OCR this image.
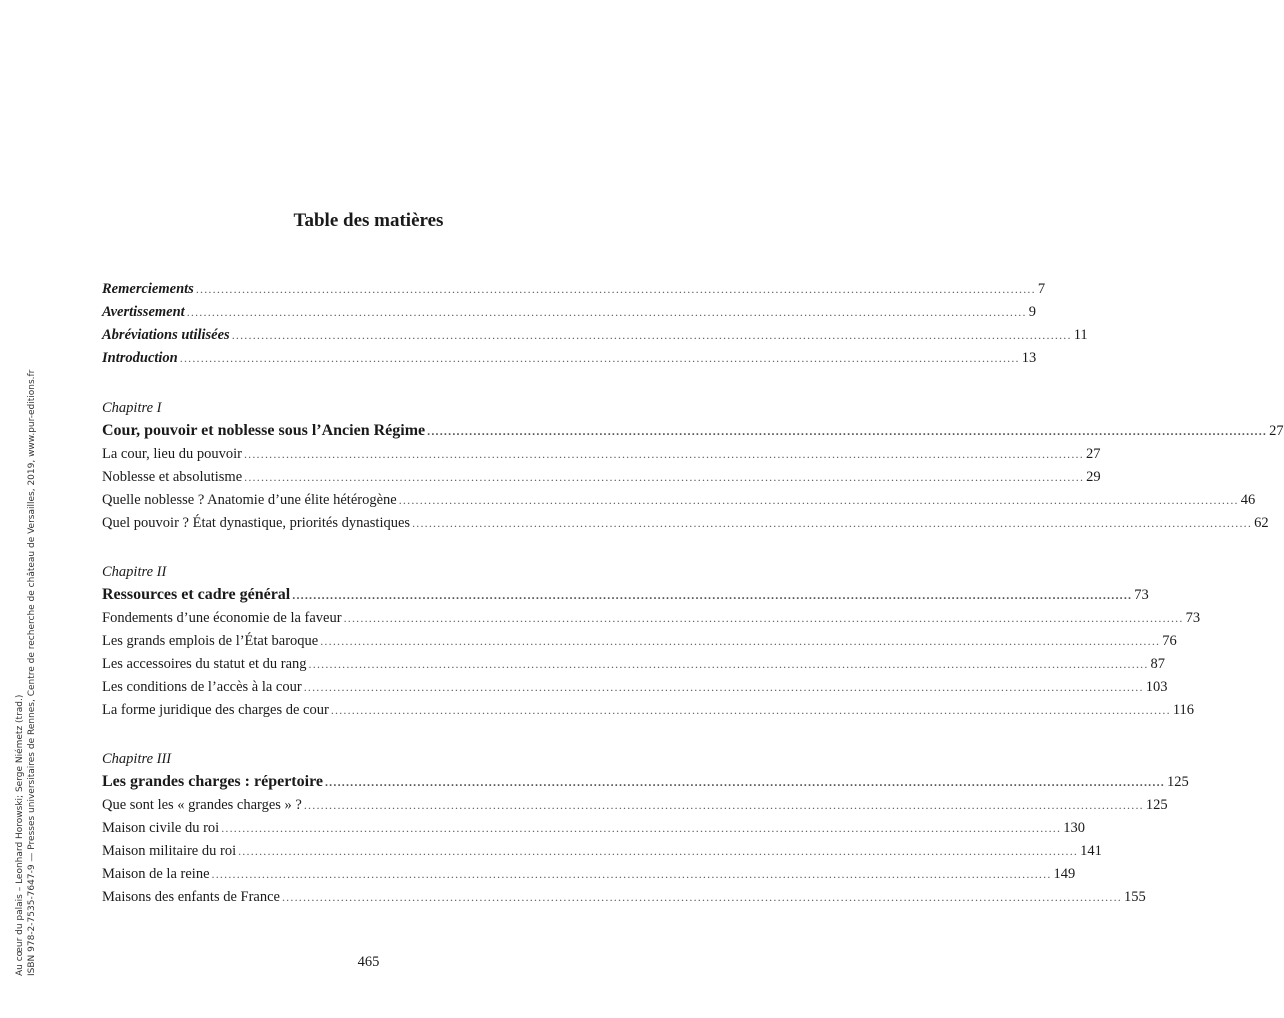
Au cœur du palais – Leonhard Horowski; Serge Niémetz (trad.) ISBN 978-2-7535-7647-9 — Presses universitaires de Rennes, Centre de recherche de château de Versailles, 2019, www.pur-editions.fr
Table des matières
Remerciements ........................................................................................................................................................................................................ 7
Avertissement ........................................................................................................................................................................................................ 9
Abréviations utilisées ........................................................................................................................................................................................................ 11
Introduction ........................................................................................................................................................................................................ 13
Chapitre I
Cour, pouvoir et noblesse sous l’Ancien Régime ........................................................................................................................................................................................................ 27
La cour, lieu du pouvoir ........................................................................................................................................................................................................ 27
Noblesse et absolutisme ........................................................................................................................................................................................................ 29
Quelle noblesse ? Anatomie d’une élite hétérogène ........................................................................................................................................................................................................ 46
Quel pouvoir ? État dynastique, priorités dynastiques ........................................................................................................................................................................................................ 62
Chapitre II
Ressources et cadre général ........................................................................................................................................................................................................ 73
Fondements d’une économie de la faveur ........................................................................................................................................................................................................ 73
Les grands emplois de l’État baroque ........................................................................................................................................................................................................ 76
Les accessoires du statut et du rang ........................................................................................................................................................................................................ 87
Les conditions de l’accès à la cour ........................................................................................................................................................................................................ 103
La forme juridique des charges de cour ........................................................................................................................................................................................................ 116
Chapitre III
Les grandes charges : répertoire ........................................................................................................................................................................................................ 125
Que sont les « grandes charges » ? ........................................................................................................................................................................................................ 125
Maison civile du roi ........................................................................................................................................................................................................ 130
Maison militaire du roi ........................................................................................................................................................................................................ 141
Maison de la reine ........................................................................................................................................................................................................ 149
Maisons des enfants de France ........................................................................................................................................................................................................ 155
465
